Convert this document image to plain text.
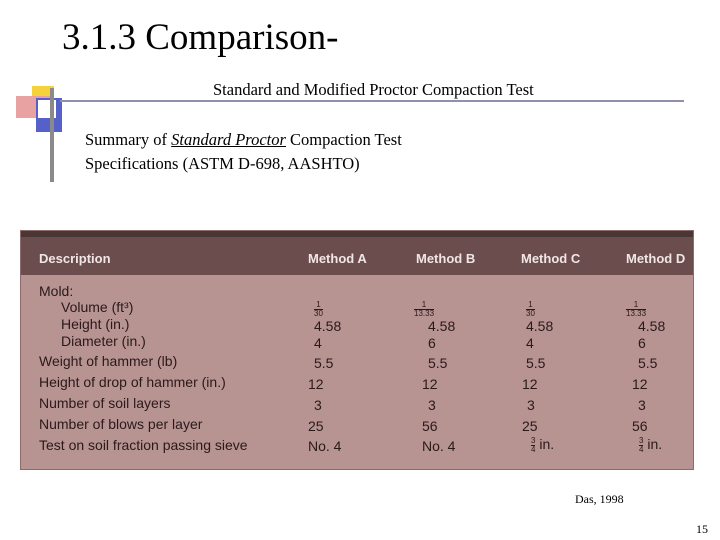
3.1.3 Comparison-
Standard and Modified Proctor Compaction Test
Summary of Standard Proctor Compaction Test
Specifications (ASTM D-698, AASHTO)
Description	Method A	Method B	Method C	Method D
Mold:
Volume (ft³)	$\frac{1}{30}$	$\frac{1}{13.33}$	$\frac{1}{30}$	$\frac{1}{13.33}$
Height (in.)	4.58	4.58	4.58	4.58
Diameter (in.)	4	6	4	6
Weight of hammer (lb)	5.5	5.5	5.5	5.5
Height of drop of hammer (in.)	12	12	12	12
Number of soil layers	3	3	3	3
Number of blows per layer	25	56	25	56
Test on soil fraction passing sieve	No. 4	No. 4	$\frac{3}{4}$ in.	$\frac{3}{4}$ in.
Das, 1998
15
